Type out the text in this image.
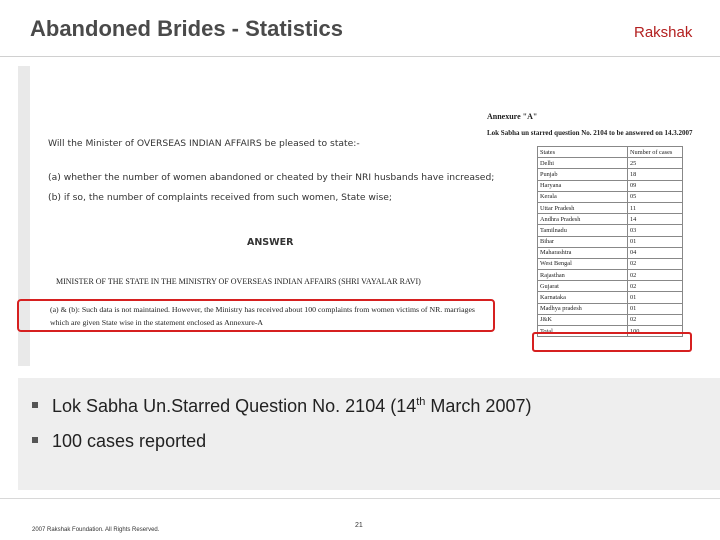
Abandoned Brides - Statistics	Rakshak
Will the Minister of OVERSEAS INDIAN AFFAIRS be pleased to state:-
(a) whether the number of women abandoned or cheated by their NRI husbands have increased;
(b) if so, the number of complaints received from such women, State wise;
ANSWER
MINISTER OF THE STATE IN THE MINISTRY OF OVERSEAS INDIAN AFFAIRS (SHRI VAYALAR RAVI)
(a) & (b): Such data is not maintained. However, the Ministry has received about 100 complaints from women victims of NR. marriages
which are given State wise in the statement enclosed as Annexure-A
Annexure "A"
Lok Sabha un starred question No. 2104 to be answered on 14.3.2007
States	Number of cases
Delhi	25
Punjab	18
Haryana	09
Kerala	05
Uttar Pradesh	11
Andhra Pradesh	14
Tamilnadu	03
Bihar	01
Maharashtra	04
West Bengal	02
Rajasthan	02
Gujarat	02
Karnataka	01
Madhya pradesh	01
J&K	02
Total	100
Lok Sabha Un.Starred Question No. 2104 (14th March 2007)
100 cases reported
2007 Rakshak Foundation. All Rights Reserved.
21
